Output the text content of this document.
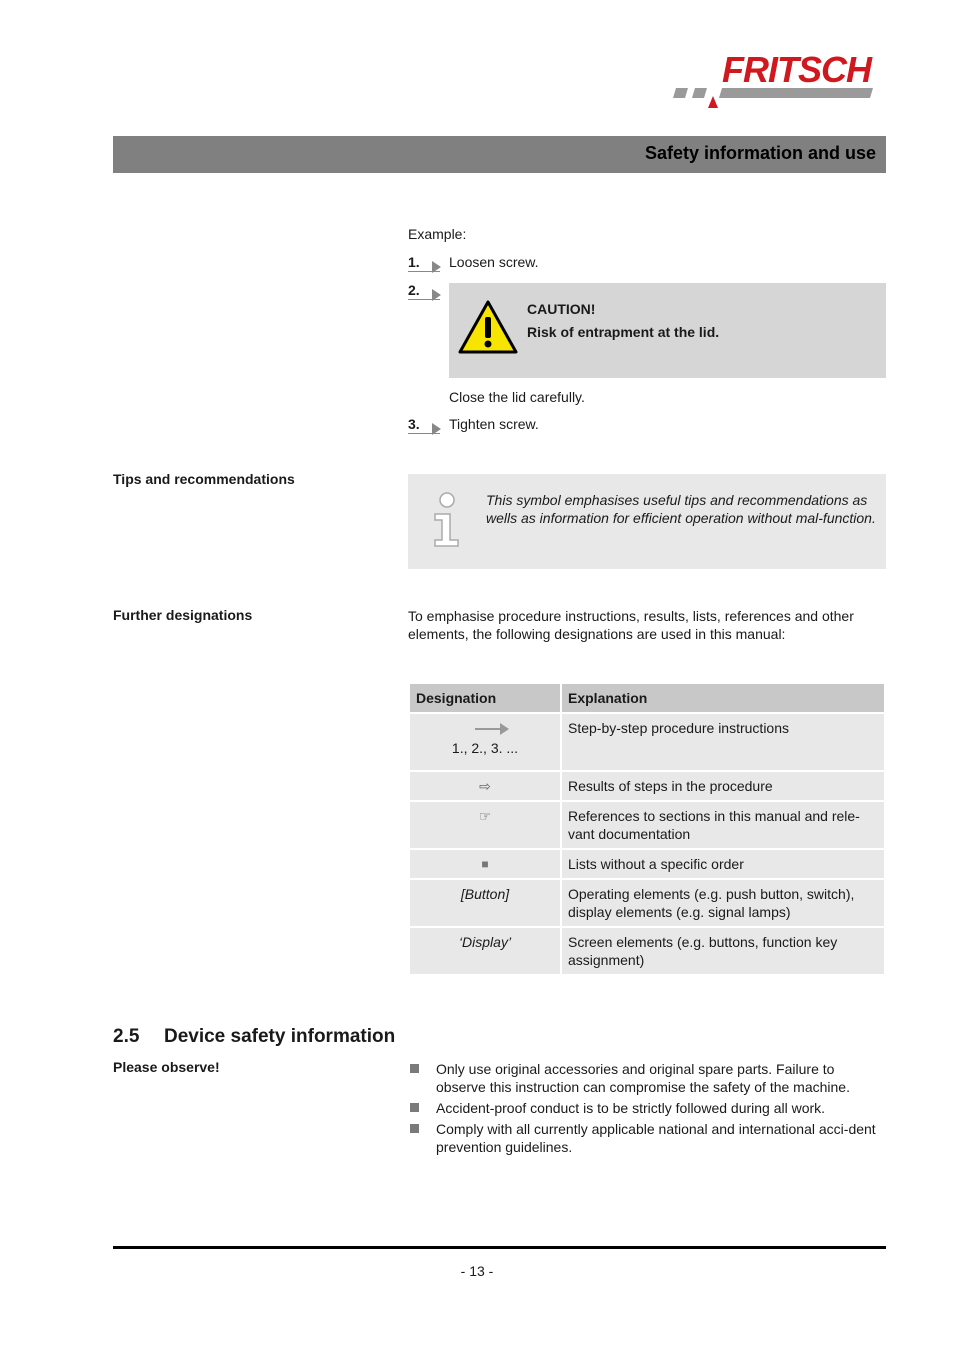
FRITSCH
Safety information and use
Example:
1.	Loosen screw.
2.
CAUTION!
Risk of entrapment at the lid.
Close the lid carefully.
3.	Tighten screw.
Tips and recommendations
This symbol emphasises useful tips and recommendations as wells as information for efficient operation without mal-function.
Further designations	To emphasise procedure instructions, results, lists, references and other elements, the following designations are used in this manual:
Designation	Explanation

1., 2., 3. ...	Step-by-step procedure instructions
⇨	Results of steps in the procedure
☞	References to sections in this manual and rele-vant documentation
■	Lists without a specific order
[Button]	Operating elements (e.g. push button, switch), display elements (e.g. signal lamps)
‘Display’	Screen elements (e.g. buttons, function key assignment)
2.5 Device safety information
Please observe!	Only use original accessories and original spare parts. Failure to observe this instruction can compromise the safety of the machine.
Accident-proof conduct is to be strictly followed during all work.
Comply with all currently applicable national and international acci-dent prevention guidelines.
- 13 -
